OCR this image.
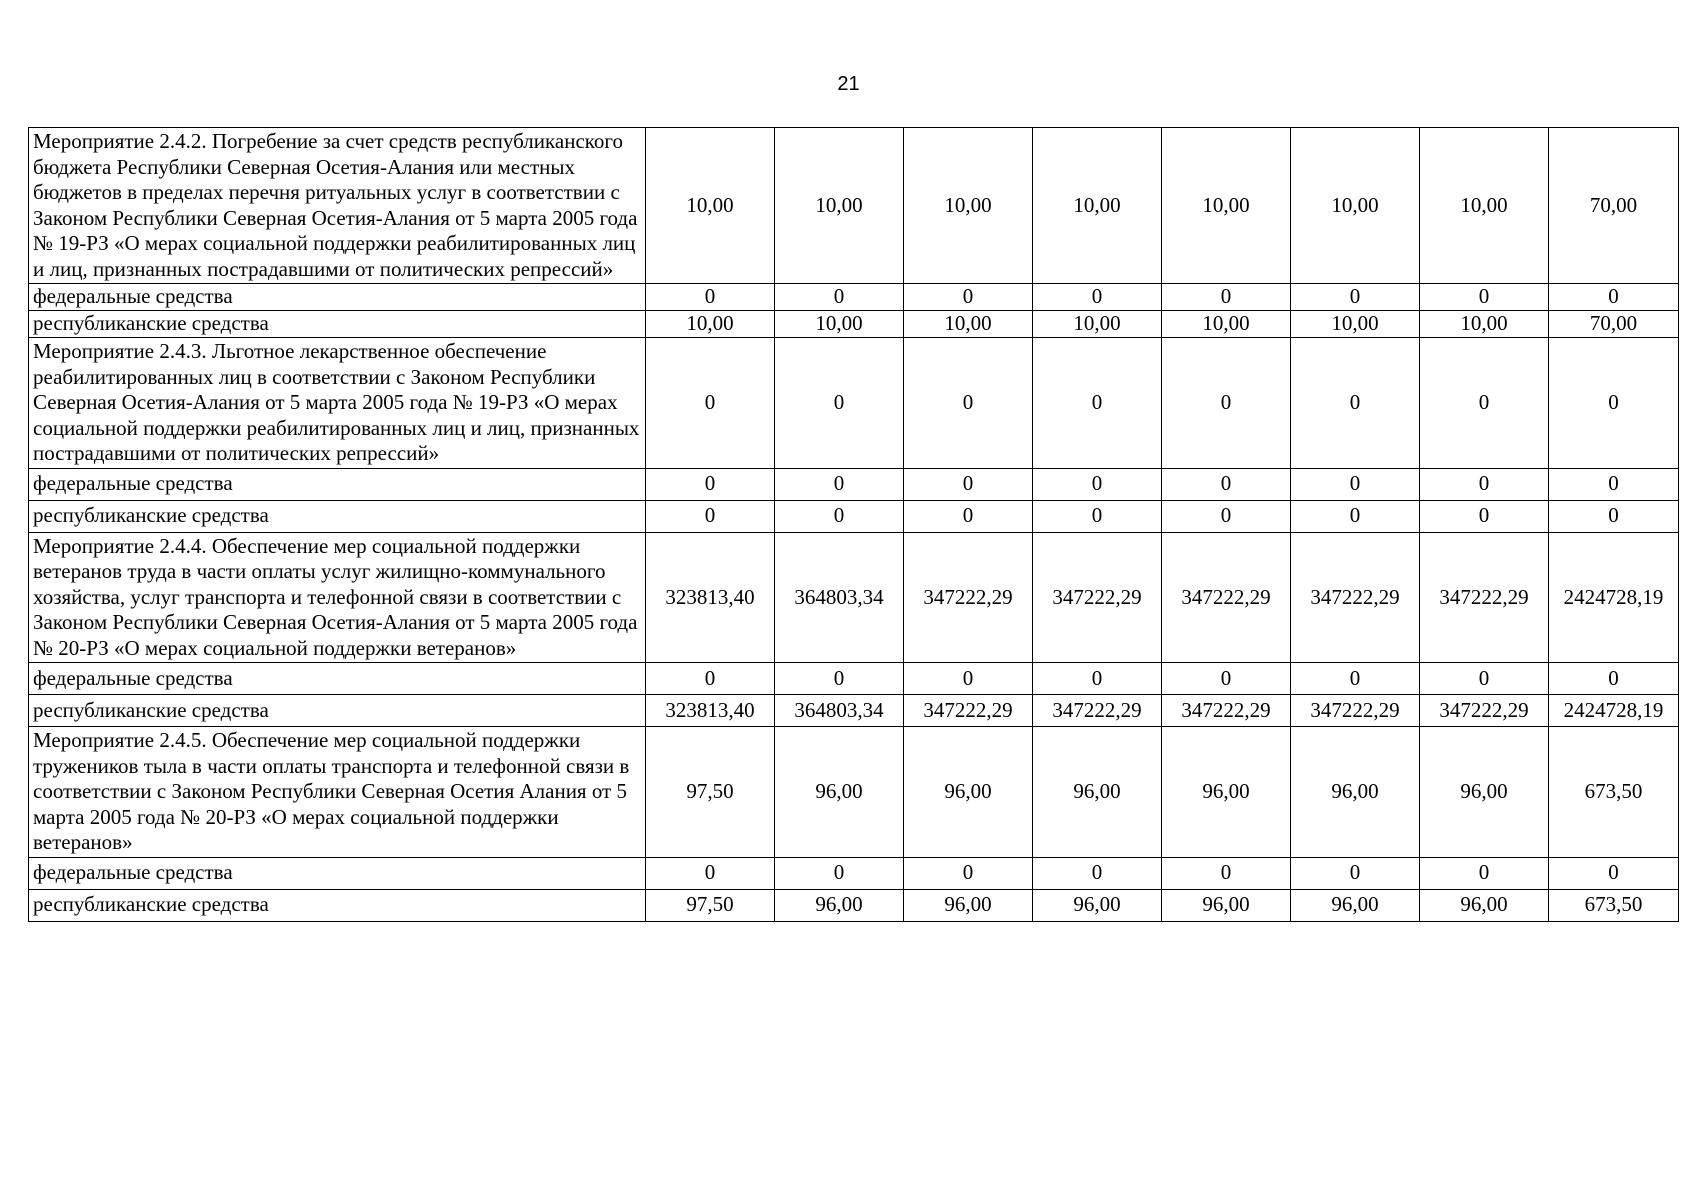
21
Мероприятие 2.4.2. Погребение за счет средств республиканского бюджета Республики Северная Осетия-Алания или местных бюджетов в пределах перечня ритуальных услуг в соответствии с Законом Республики Северная Осетия-Алания от 5 марта 2005 года № 19-РЗ «О мерах социальной поддержки реабилитированных лиц и лиц, признанных пострадавшими от политических репрессий»	10,00	10,00	10,00	10,00	10,00	10,00	10,00	70,00
федеральные средства	0	0	0	0	0	0	0	0
республиканские средства	10,00	10,00	10,00	10,00	10,00	10,00	10,00	70,00
Мероприятие 2.4.3. Льготное лекарственное обеспечение реабилитированных лиц в соответствии с Законом Республики Северная Осетия-Алания от 5 марта 2005 года № 19-РЗ «О мерах социальной поддержки реабилитированных лиц и лиц, признанных пострадавшими от политических репрессий»	0	0	0	0	0	0	0	0
федеральные средства	0	0	0	0	0	0	0	0
республиканские средства	0	0	0	0	0	0	0	0
Мероприятие 2.4.4. Обеспечение мер социальной поддержки ветеранов труда в части оплаты услуг жилищно-коммунального хозяйства, услуг транспорта и телефонной связи в соответствии с Законом Республики Северная Осетия-Алания от 5 марта 2005 года № 20-РЗ «О мерах социальной поддержки ветеранов»	323813,40	364803,34	347222,29	347222,29	347222,29	347222,29	347222,29	2424728,19
федеральные средства	0	0	0	0	0	0	0	0
республиканские средства	323813,40	364803,34	347222,29	347222,29	347222,29	347222,29	347222,29	2424728,19
Мероприятие 2.4.5. Обеспечение мер социальной поддержки тружеников тыла в части оплаты транспорта и телефонной связи в соответствии с Законом Республики Северная Осетия Алания от 5 марта 2005 года № 20-РЗ «О мерах социальной поддержки ветеранов»	97,50	96,00	96,00	96,00	96,00	96,00	96,00	673,50
федеральные средства	0	0	0	0	0	0	0	0
республиканские средства	97,50	96,00	96,00	96,00	96,00	96,00	96,00	673,50
